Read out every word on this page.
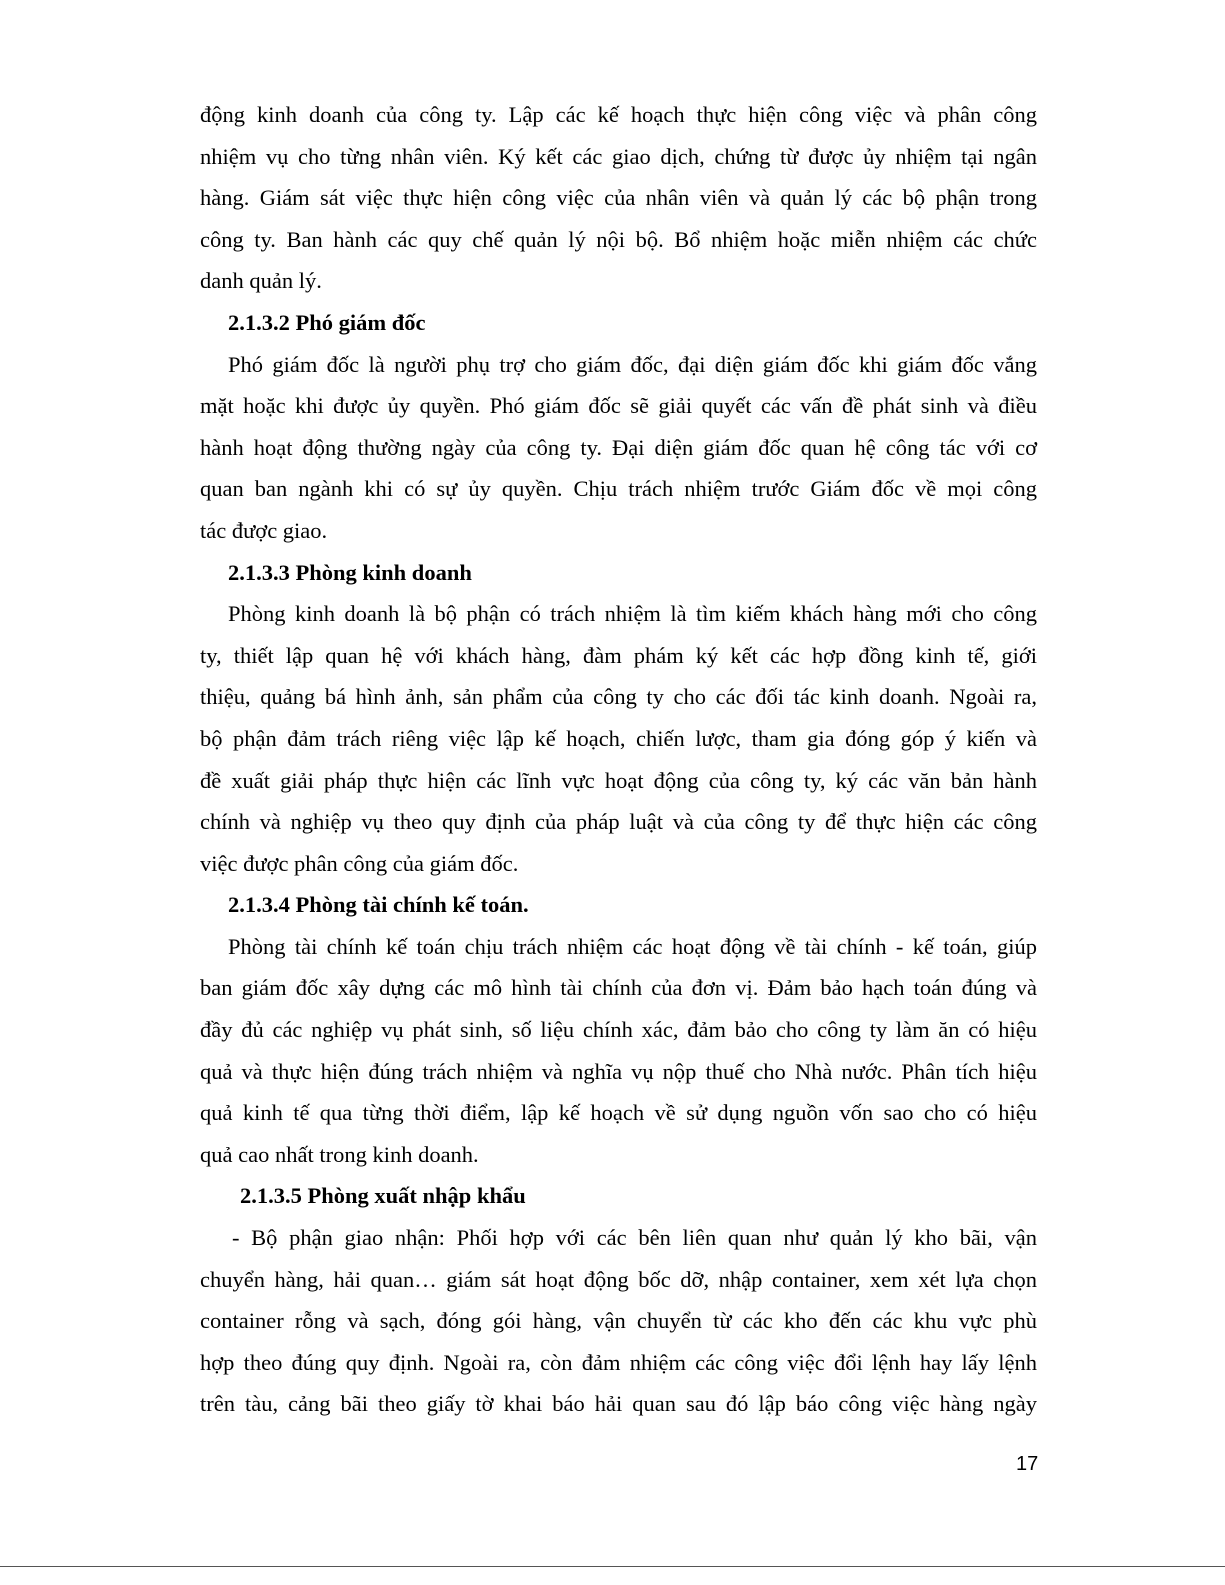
động kinh doanh của công ty. Lập các kế hoạch thực hiện công việc và phân công
nhiệm vụ cho từng nhân viên. Ký kết các giao dịch, chứng từ được ủy nhiệm tại ngân
hàng. Giám sát việc thực hiện công việc của nhân viên và quản lý các bộ phận trong
công ty. Ban hành các quy chế quản lý nội bộ. Bổ nhiệm hoặc miễn nhiệm các chức
danh quản lý.
2.1.3.2 Phó giám đốc
Phó giám đốc là người phụ trợ cho giám đốc, đại diện giám đốc khi giám đốc vắng
mặt hoặc khi được ủy quyền. Phó giám đốc sẽ giải quyết các vấn đề phát sinh và điều
hành hoạt động thường ngày của công ty. Đại diện giám đốc quan hệ công tác với cơ
quan ban ngành khi có sự ủy quyền. Chịu trách nhiệm trước Giám đốc về mọi công
tác được giao.
2.1.3.3 Phòng kinh doanh
Phòng kinh doanh là bộ phận có trách nhiệm là tìm kiếm khách hàng mới cho công
ty, thiết lập quan hệ với khách hàng, đàm phám ký kết các hợp đồng kinh tế, giới
thiệu, quảng bá hình ảnh, sản phẩm của công ty cho các đối tác kinh doanh. Ngoài ra,
bộ phận đảm trách riêng việc lập kế hoạch, chiến lược, tham gia đóng góp ý kiến và
đề xuất giải pháp thực hiện các lĩnh vực hoạt động của công ty, ký các văn bản hành
chính và nghiệp vụ theo quy định của pháp luật và của công ty để thực hiện các công
việc được phân công của giám đốc.
2.1.3.4 Phòng tài chính kế toán.
Phòng tài chính kế toán chịu trách nhiệm các hoạt động về tài chính - kế toán, giúp
ban giám đốc xây dựng các mô hình tài chính của đơn vị. Đảm bảo hạch toán đúng và
đầy đủ các nghiệp vụ phát sinh, số liệu chính xác, đảm bảo cho công ty làm ăn có hiệu
quả và thực hiện đúng trách nhiệm và nghĩa vụ nộp thuế cho Nhà nước. Phân tích hiệu
quả kinh tế qua từng thời điểm, lập kế hoạch về sử dụng nguồn vốn sao cho có hiệu
quả cao nhất trong kinh doanh.
2.1.3.5 Phòng xuất nhập khẩu
- Bộ phận giao nhận: Phối hợp với các bên liên quan như quản lý kho bãi, vận
chuyển hàng, hải quan… giám sát hoạt động bốc dỡ, nhập container, xem xét lựa chọn
container rỗng và sạch, đóng gói hàng, vận chuyển từ các kho đến các khu vực phù
hợp theo đúng quy định. Ngoài ra, còn đảm nhiệm các công việc đổi lệnh hay lấy lệnh
trên tàu, cảng bãi theo giấy tờ khai báo hải quan sau đó lập báo công việc hàng ngày
17
